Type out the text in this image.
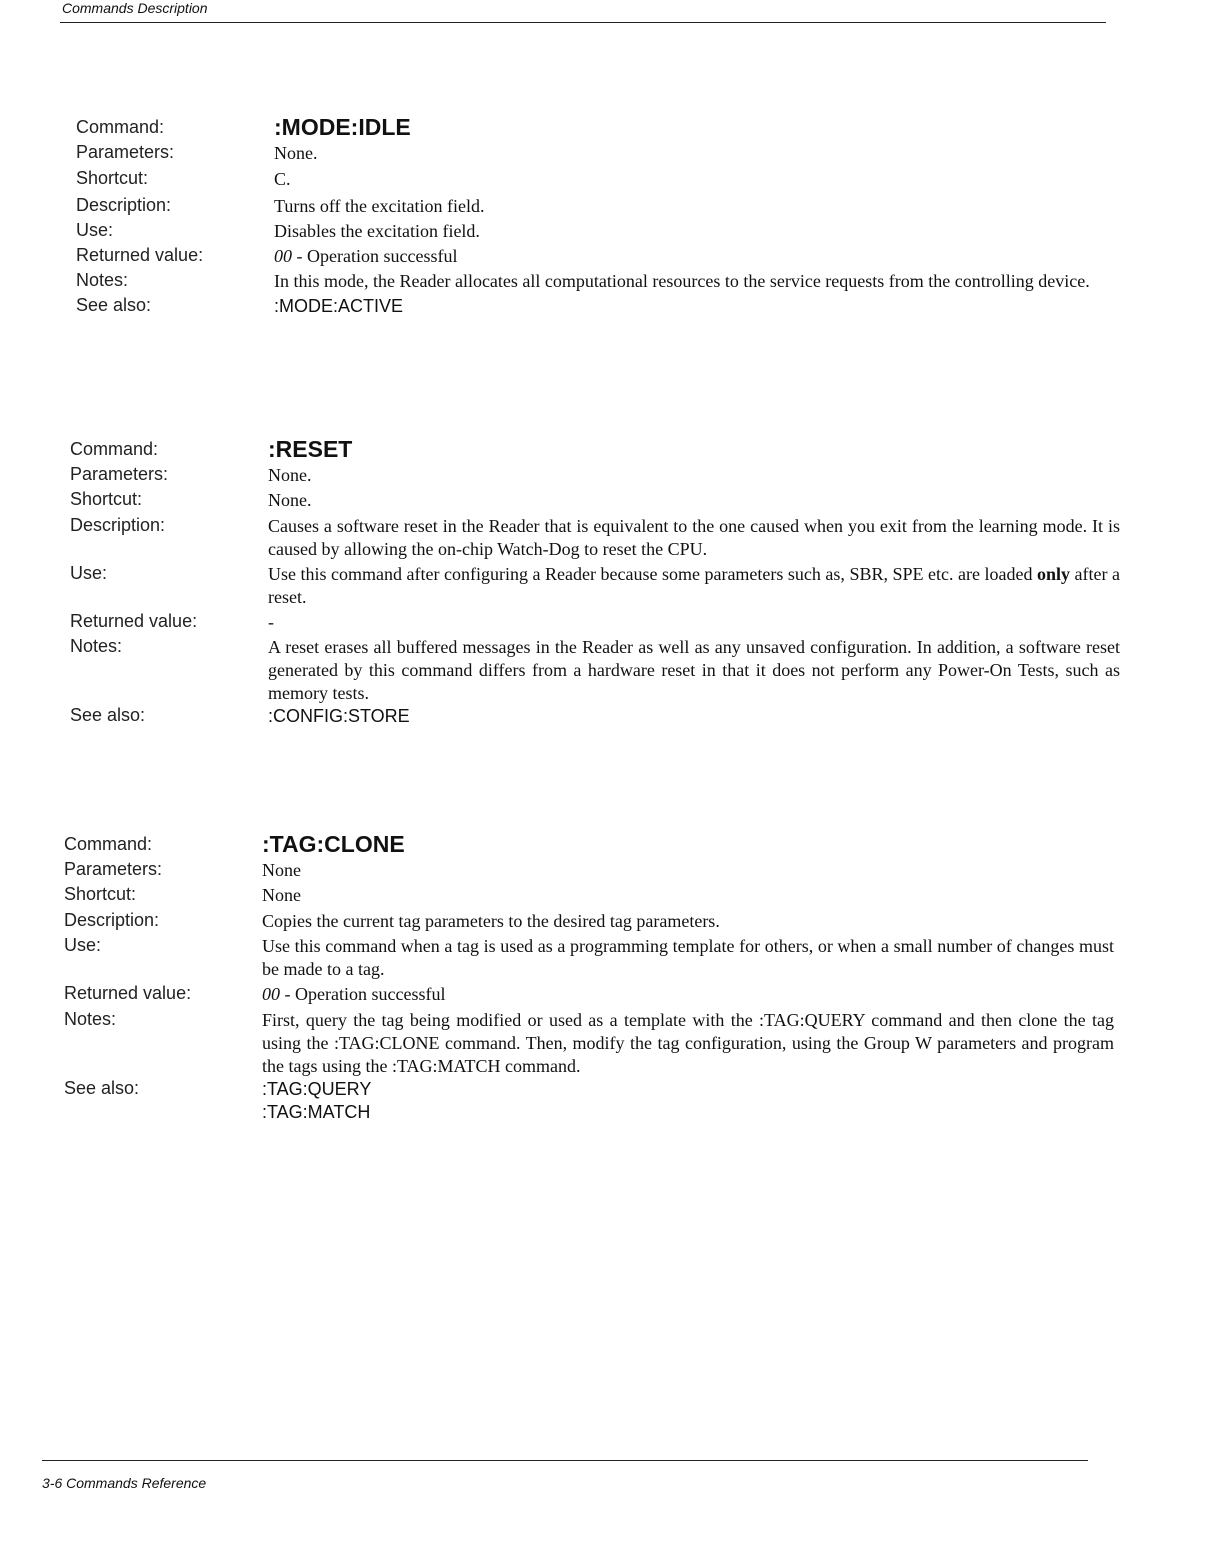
Commands Description
Command:	:MODE:IDLE
Parameters:	None.
Shortcut:	C.
Description:	Turns off the excitation field.
Use:	Disables the excitation field.
Returned value:	00 - Operation successful
Notes:	In this mode, the Reader allocates all computational resources to the service requests from the controlling device.
See also:	:MODE:ACTIVE
Command:	:RESET
Parameters:	None.
Shortcut:	None.
Description:	Causes a software reset in the Reader that is equivalent to the one caused when you exit from the learning mode. It is caused by allowing the on-chip Watch-Dog to reset the CPU.
Use:	Use this command after configuring a Reader because some parameters such as, SBR, SPE etc. are loaded only after a reset.
Returned value:	-
Notes:	A reset erases all buffered messages in the Reader as well as any unsaved configuration. In addition, a software reset generated by this command differs from a hardware reset in that it does not perform any Power-On Tests, such as memory tests.
See also:	:CONFIG:STORE
Command:	:TAG:CLONE
Parameters:	None
Shortcut:	None
Description:	Copies the current tag parameters to the desired tag parameters.
Use:	Use this command when a tag is used as a programming template for others, or when a small number of changes must be made to a tag.
Returned value:	00 - Operation successful
Notes:	First, query the tag being modified or used as a template with the :TAG:QUERY command and then clone the tag using the :TAG:CLONE command. Then, modify the tag configuration, using the Group W parameters and program the tags using the :TAG:MATCH command.
See also:	:TAG:QUERY
:TAG:MATCH
3-6 Commands Reference
